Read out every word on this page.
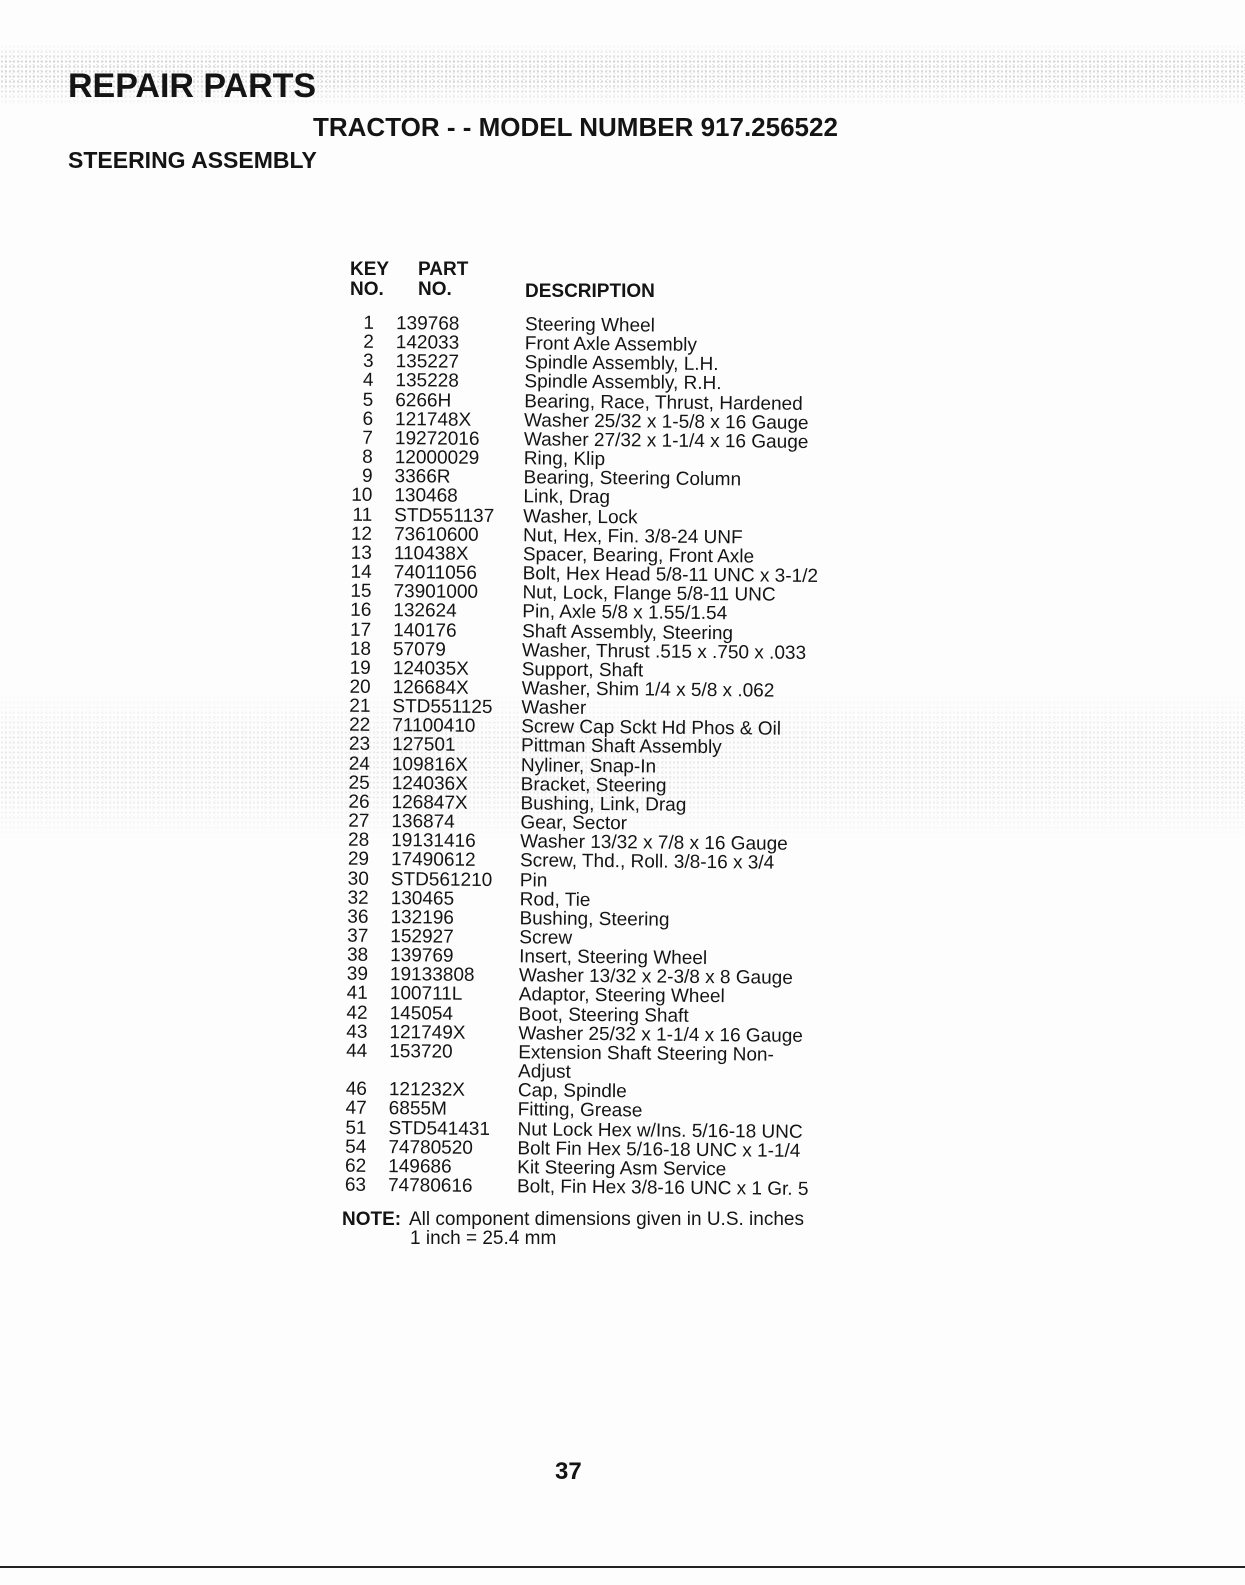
REPAIR PARTS
TRACTOR - - MODEL NUMBER 917.256522
STEERING ASSEMBLY
KEY
NO.
PART
NO.	DESCRIPTION
1 139768	Steering Wheel
2 142033	Front Axle Assembly
3 135227	Spindle Assembly, L.H.
4 135228	Spindle Assembly, R.H.
5 6266H	Bearing, Race, Thrust, Hardened
6 121748X	Washer 25/32 x 1-5/8 x 16 Gauge
7 19272016	Washer 27/32 x 1-1/4 x 16 Gauge
8 12000029	Ring, Klip
9 3366R	Bearing, Steering Column
10 130468	Link, Drag
11 STD551137	Washer, Lock
12 73610600	Nut, Hex, Fin. 3/8-24 UNF
13 110438X	Spacer, Bearing, Front Axle
14 74011056	Bolt, Hex Head 5/8-11 UNC x 3-1/2
15 73901000	Nut, Lock, Flange 5/8-11 UNC
16 132624	Pin, Axle 5/8 x 1.55/1.54
17 140176	Shaft Assembly, Steering
18 57079	Washer, Thrust .515 x .750 x .033
19 124035X	Support, Shaft
20 126684X	Washer, Shim 1/4 x 5/8 x .062
21 STD551125	Washer
22 71100410	Screw Cap Sckt Hd Phos & Oil
23 127501	Pittman Shaft Assembly
24 109816X	Nyliner, Snap-In
25 124036X	Bracket, Steering
26 126847X	Bushing, Link, Drag
27 136874	Gear, Sector
28 19131416	Washer 13/32 x 7/8 x 16 Gauge
29 17490612	Screw, Thd., Roll. 3/8-16 x 3/4
30 STD561210	Pin
32 130465	Rod, Tie
36 132196	Bushing, Steering
37 152927	Screw
38 139769	Insert, Steering Wheel
39 19133808	Washer 13/32 x 2-3/8 x 8 Gauge
41 100711L	Adaptor, Steering Wheel
42 145054	Boot, Steering Shaft
43 121749X	Washer 25/32 x 1-1/4 x 16 Gauge
44 153720	Extension Shaft Steering Non-
Adjust
46 121232X	Cap, Spindle
47 6855M	Fitting, Grease
51 STD541431	Nut Lock Hex w/Ins. 5/16-18 UNC
54 74780520	Bolt Fin Hex 5/16-18 UNC x 1-1/4
62 149686	Kit Steering Asm Service
63 74780616	Bolt, Fin Hex 3/8-16 UNC x 1 Gr. 5
NOTE: All component dimensions given in U.S. inches
1 inch = 25.4 mm
37
